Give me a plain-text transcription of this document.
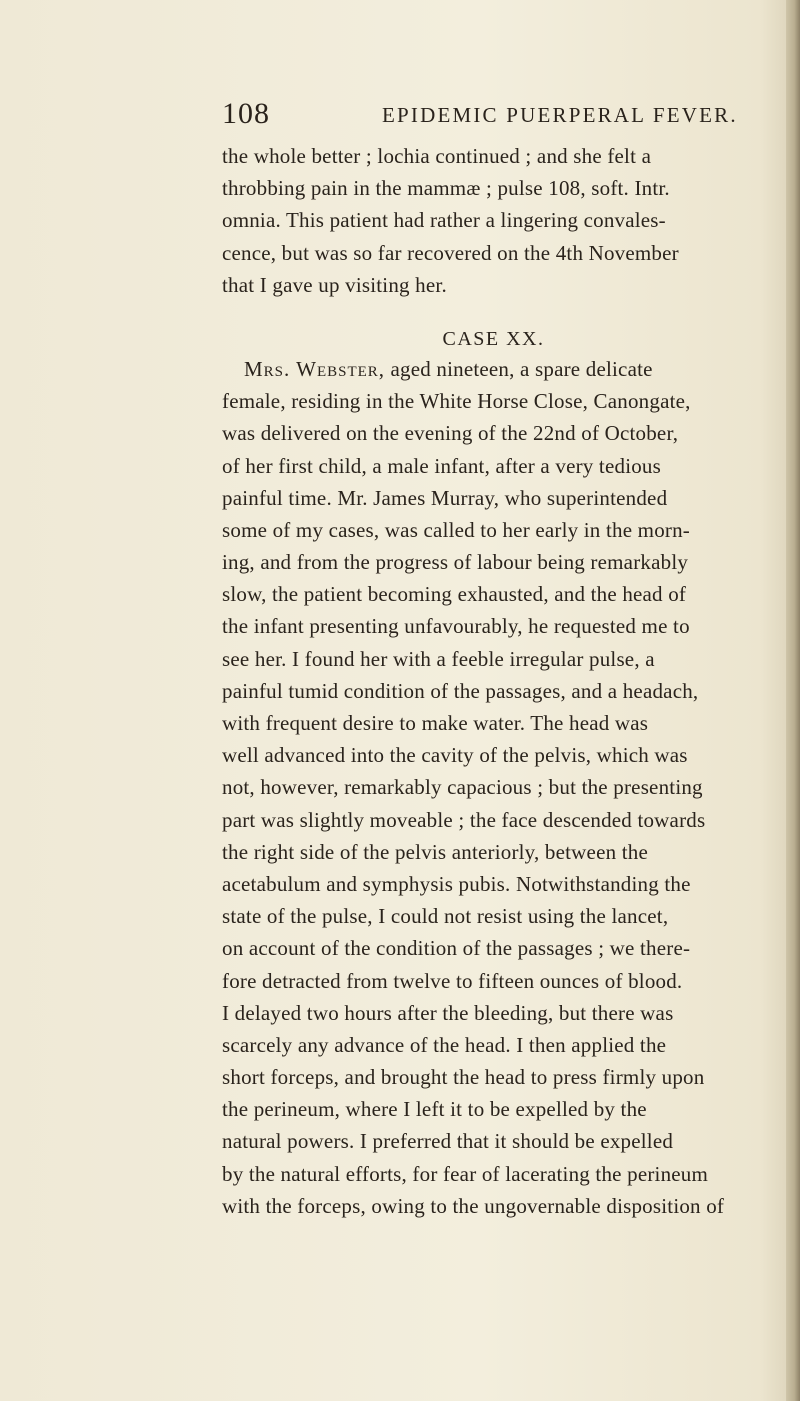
108	EPIDEMIC PUERPERAL FEVER.
the whole better ; lochia continued ; and she felt a
throbbing pain in the mammæ ; pulse 108, soft. Intr.
omnia. This patient had rather a lingering convales-
cence, but was so far recovered on the 4th November
that I gave up visiting her.
CASE XX.
Mrs. Webster, aged nineteen, a spare delicate
female, residing in the White Horse Close, Canongate,
was delivered on the evening of the 22nd of October,
of her first child, a male infant, after a very tedious
painful time. Mr. James Murray, who superintended
some of my cases, was called to her early in the morn-
ing, and from the progress of labour being remarkably
slow, the patient becoming exhausted, and the head of
the infant presenting unfavourably, he requested me to
see her. I found her with a feeble irregular pulse, a
painful tumid condition of the passages, and a headach,
with frequent desire to make water. The head was
well advanced into the cavity of the pelvis, which was
not, however, remarkably capacious ; but the presenting
part was slightly moveable ; the face descended towards
the right side of the pelvis anteriorly, between the
acetabulum and symphysis pubis. Notwithstanding the
state of the pulse, I could not resist using the lancet,
on account of the condition of the passages ; we there-
fore detracted from twelve to fifteen ounces of blood.
I delayed two hours after the bleeding, but there was
scarcely any advance of the head. I then applied the
short forceps, and brought the head to press firmly upon
the perineum, where I left it to be expelled by the
natural powers. I preferred that it should be expelled
by the natural efforts, for fear of lacerating the perineum
with the forceps, owing to the ungovernable disposition of
